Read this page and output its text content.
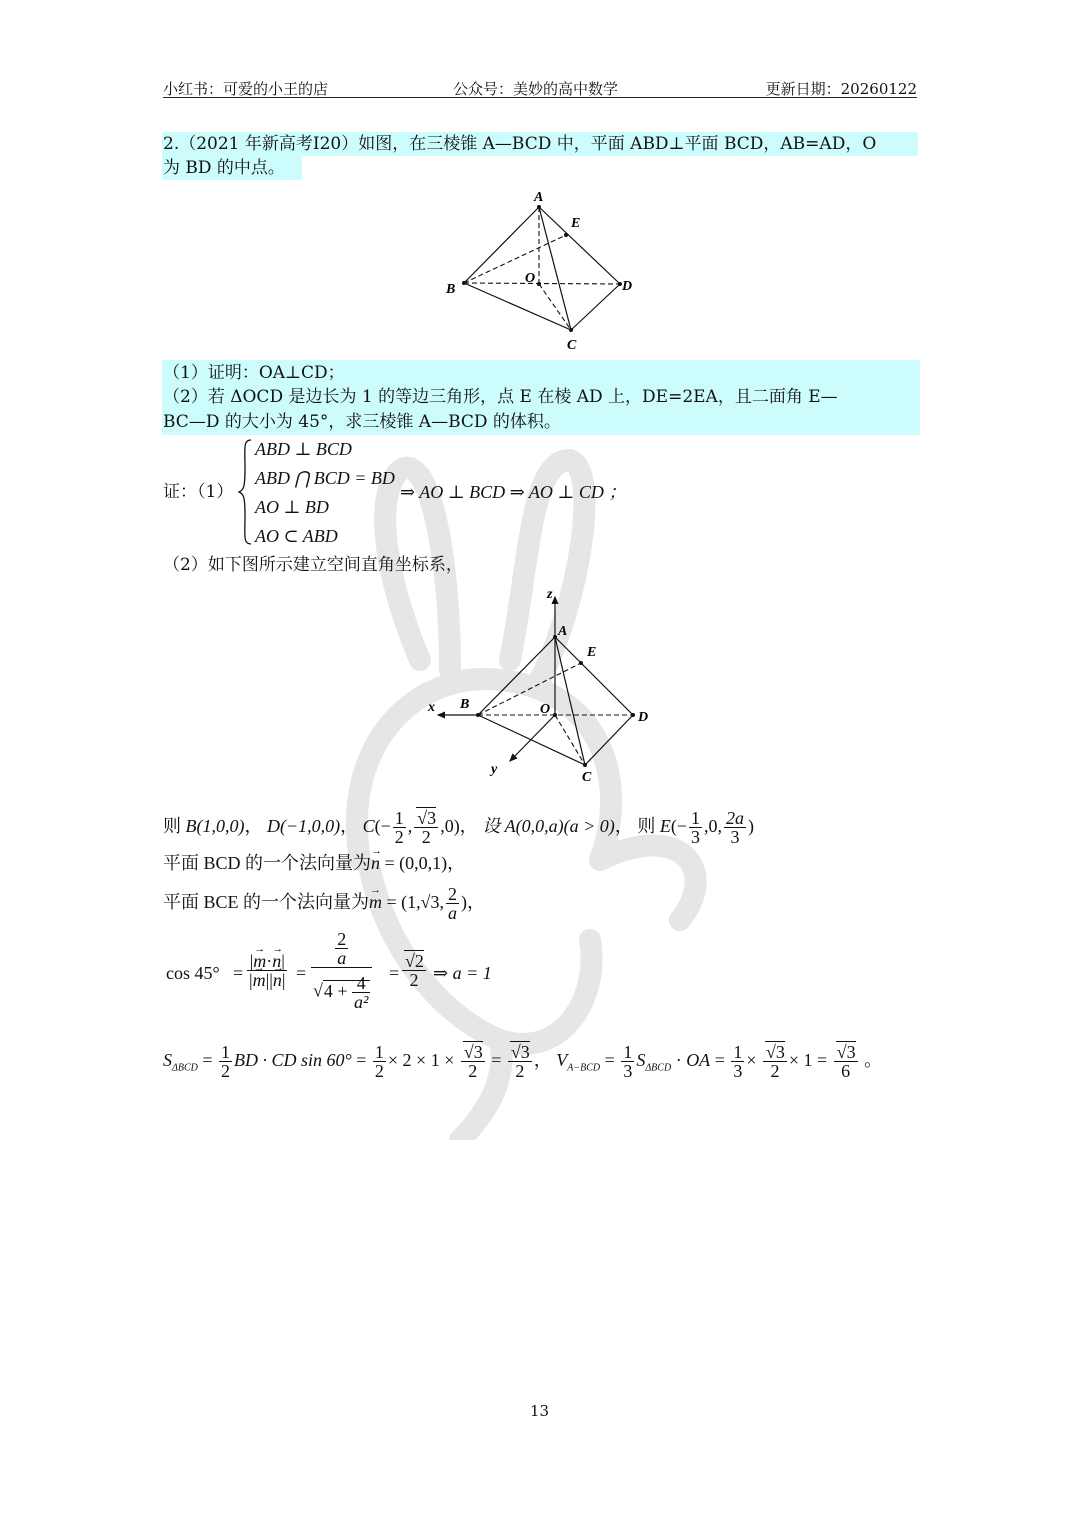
小红书：可爱的小王的店	公众号：美妙的高中数学	更新日期：20260122
2.（2021 年新高考Ⅰ20）如图，在三棱锥 A—BCD 中，平面 ABD⊥平面 BCD，AB=AD，O
为 BD 的中点。
A
B
C
D
E
O
（1）证明：OA⊥CD；
（2）若 ΔOCD 是边长为 1 的等边三角形，点 E 在棱 AD 上，DE=2EA，且二面角 E—
BC—D 的大小为 45°，求三棱锥 A—BCD 的体积。
证：（1）
ABD ⊥ BCD
ABD ⋂ BCD = BD
AO ⊥ BD
AO ⊂ ABD
⇒ AO ⊥ BCD ⇒ AO ⊥ CD ；
（2）如下图所示建立空间直角坐标系，
z
x
y
A
B
C
D
E
O
则 B(1,0,0)， D(−1,0,0)， $C(- \frac{1}{2}$ , $\frac{√3}{2} ,0$)， 设 A(0,0,a)(a > 0)， 则 $E(- \frac{1}{3} ,0$, $\frac{2a}{3}$ )
平面 BCD 的一个法向量为→ n = (0,0,1)，
平面 BCE 的一个法向量为→ m = (1,√3, $\frac{2}{a}$ )，
$\cos 45^\circ = \frac{|\to m\cdot\to n|}{|\to m||\to n|} = \frac{\frac{2}{a}}{√4 + \frac{4}{\text{a²}}} = \frac{√2}{2}$ ⇒ a = 1
$S_{\Delta BCD} = \frac{1}{2}$ BD · CD $\sin 60^\circ = \frac{1}{2} \times 2 \times 1 \times \frac{√3}{2} = \frac{√3}{2}$ ， $V_{A-BCD} = \frac{1}{3} S_{\Delta BCD}$ · OA = $\frac{1}{3} \times \frac{√3}{2} \times 1 = \frac{√3}{6}$ 。
13
